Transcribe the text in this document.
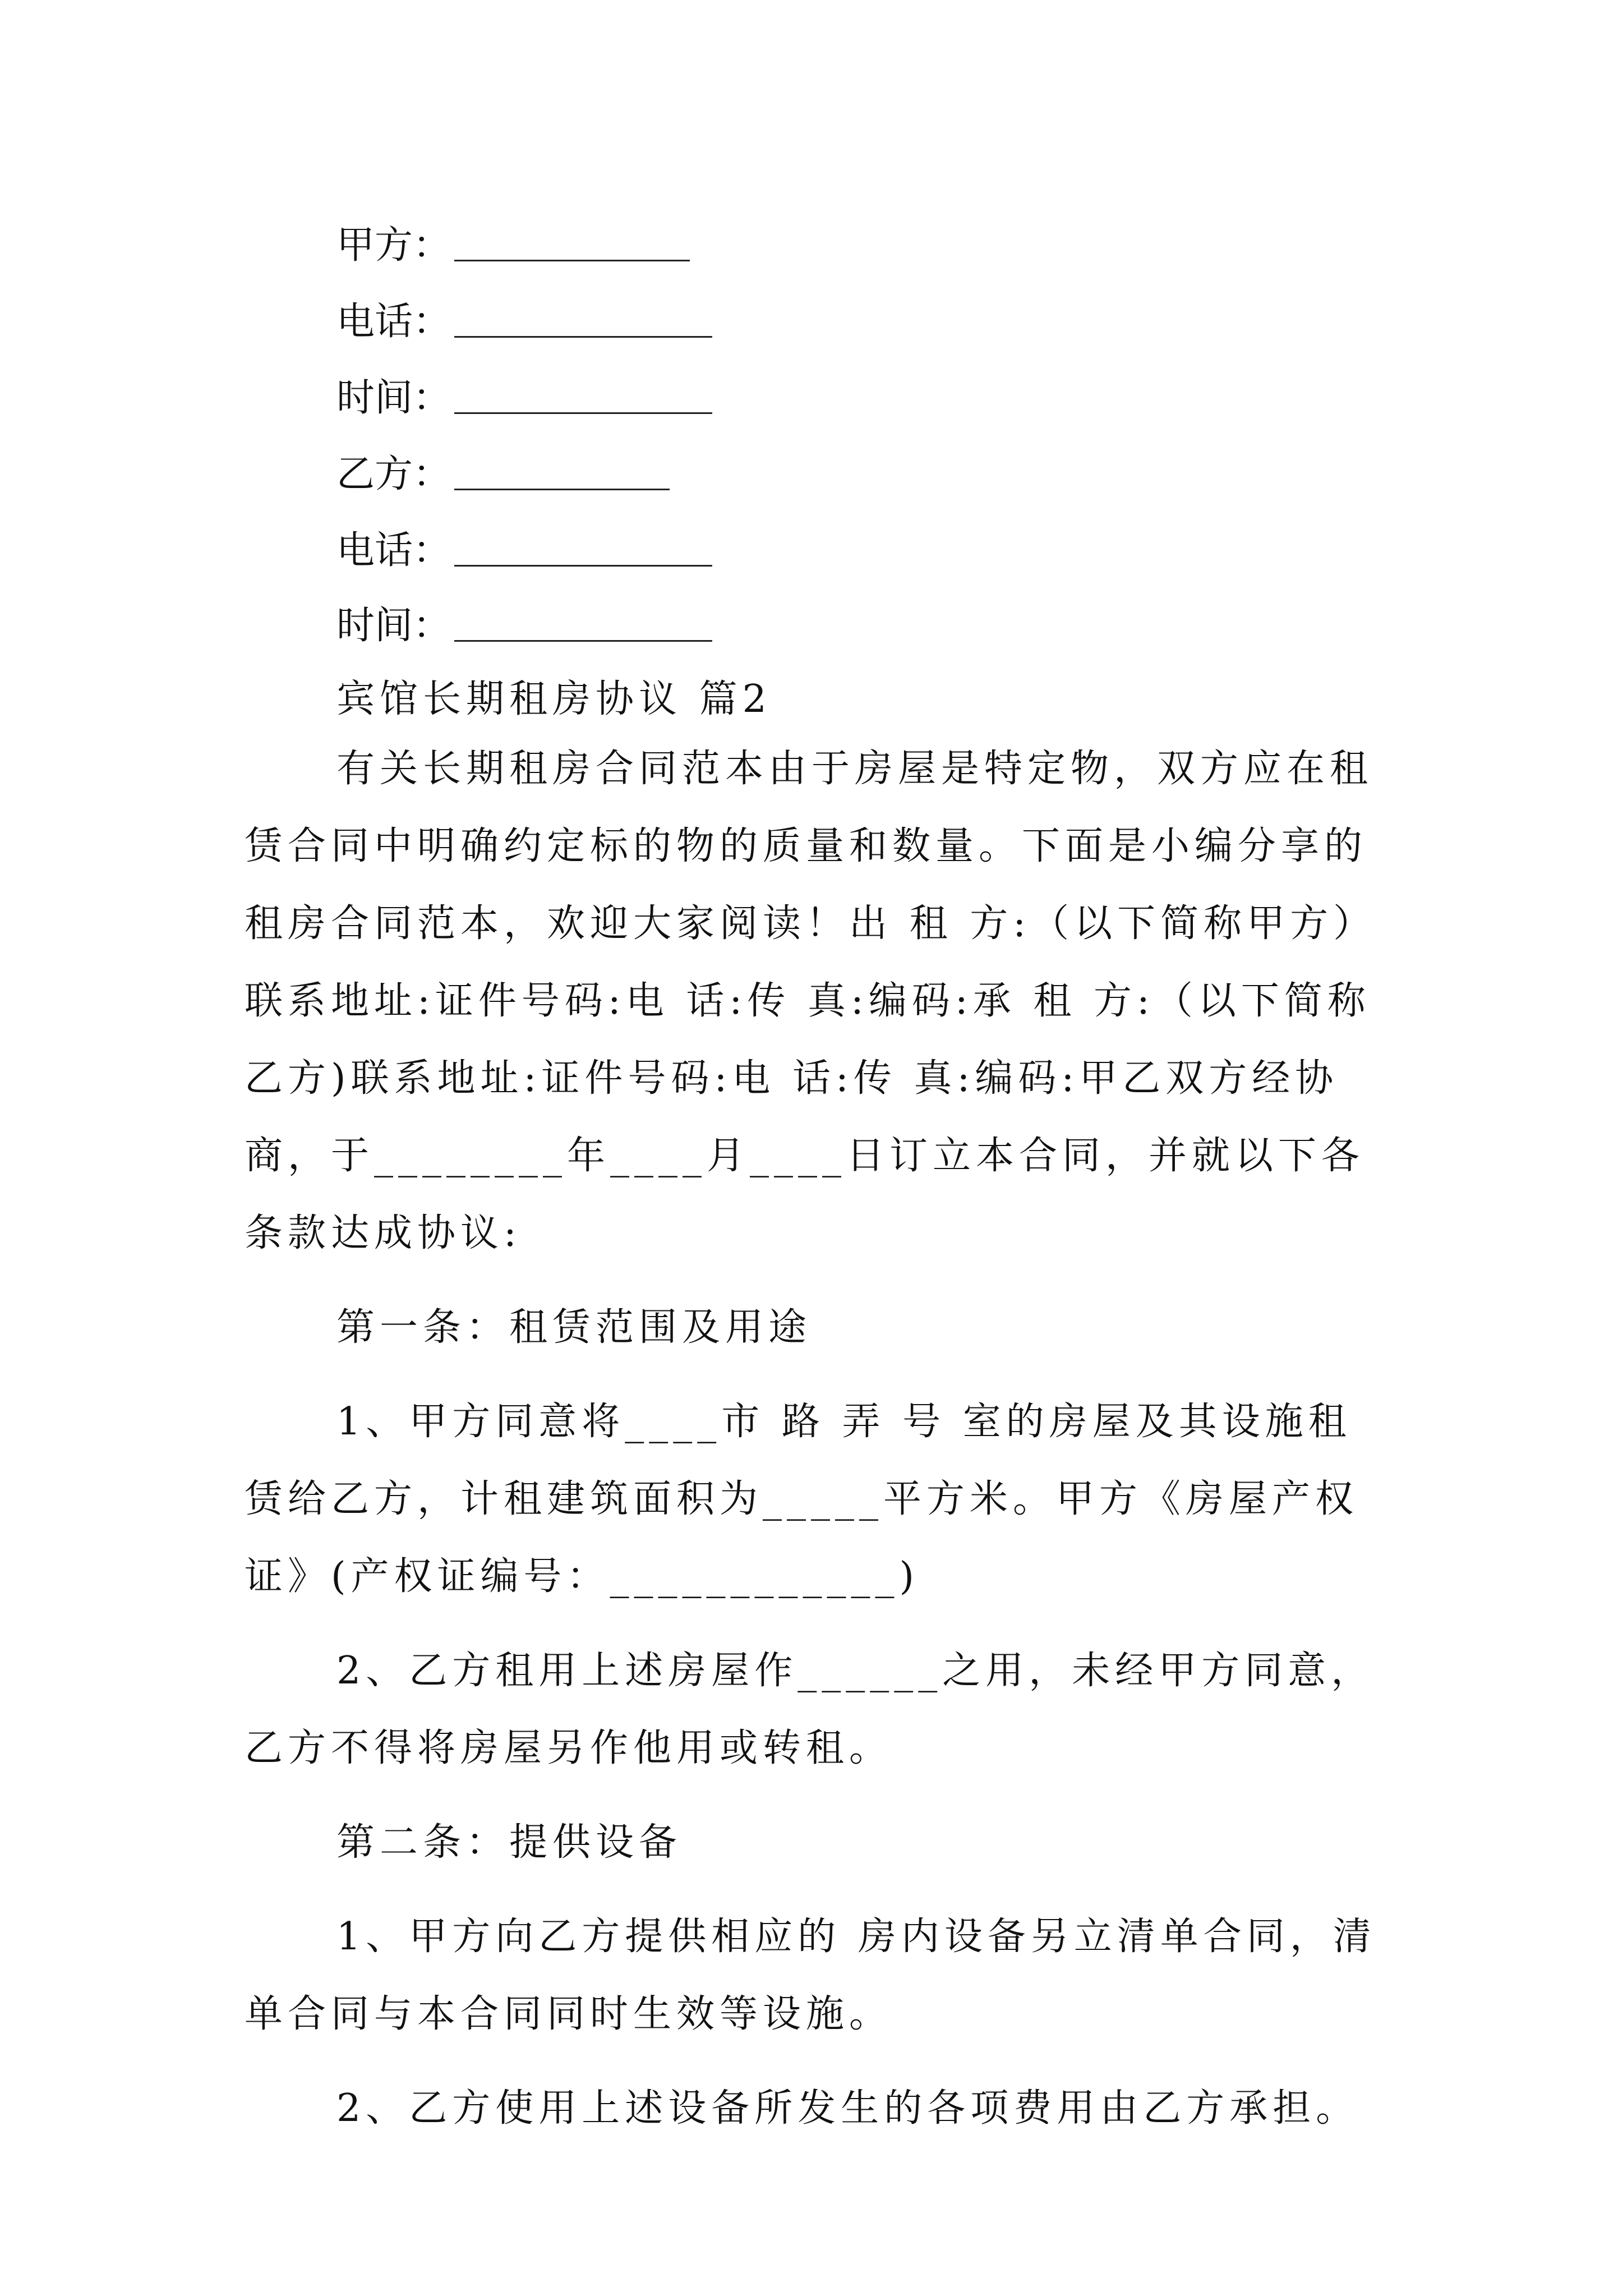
甲方：
电话：
时间：
乙方：
电话：
时间：
宾馆长期租房协议 篇2

有关长期租房合同范本由于房屋是特定物，双方应在租赁合同中明确约定标的物的质量和数量。下面是小编分享的租房合同范本，欢迎大家阅读！出 租 方:（以下简称甲方）联系地址:证件号码:电 话:传 真:编码:承 租 方:（以下简称乙方)联系地址:证件号码:电 话:传 真:编码:甲乙双方经协商，于________年____月____日订立本合同，并就以下各条款达成协议:

第一条：租赁范围及用途

1、甲方同意将____市 路 弄 号 室的房屋及其设施租赁给乙方，计租建筑面积为_____平方米。甲方《房屋产权证》(产权证编号：____________)

2、乙方租用上述房屋作______之用，未经甲方同意，乙方不得将房屋另作他用或转租。

第二条：提供设备

1、甲方向乙方提供相应的 房内设备另立清单合同，清单合同与本合同同时生效等设施。

2、乙方使用上述设备所发生的各项费用由乙方承担。
